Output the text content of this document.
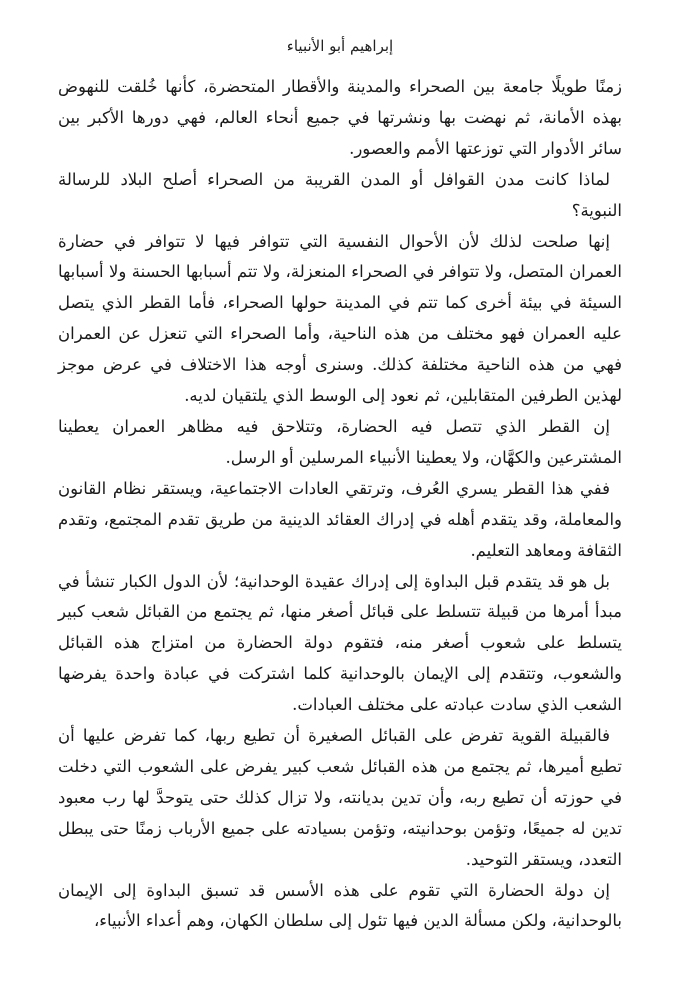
إبراهيم أبو الأنبياء

زمنًا طويلًا جامعة بين الصحراء والمدينة والأقطار المتحضرة، كأنها خُلقت للنهوض بهذه الأمانة، ثم نهضت بها ونشرتها في جميع أنحاء العالم، فهي دورها الأكبر بين سائر الأدوار التي توزعتها الأمم والعصور.

لماذا كانت مدن القوافل أو المدن القريبة من الصحراء أصلح البلاد للرسالة النبوية؟

إنها صلحت لذلك لأن الأحوال النفسية التي تتوافر فيها لا تتوافر في حضارة العمران المتصل، ولا تتوافر في الصحراء المنعزلة، ولا تتم أسبابها الحسنة ولا أسبابها السيئة في بيئة أخرى كما تتم في المدينة حولها الصحراء، فأما القطر الذي يتصل عليه العمران فهو مختلف من هذه الناحية، وأما الصحراء التي تنعزل عن العمران فهي من هذه الناحية مختلفة كذلك. وسنرى أوجه هذا الاختلاف في عرض موجز لهذين الطرفين المتقابلين، ثم نعود إلى الوسط الذي يلتقيان لديه.

إن القطر الذي تتصل فيه الحضارة، وتتلاحق فيه مظاهر العمران يعطينا المشترعين والكهَّان، ولا يعطينا الأنبياء المرسلين أو الرسل.

ففي هذا القطر يسري العُرف، وترتقي العادات الاجتماعية، ويستقر نظام القانون والمعاملة، وقد يتقدم أهله في إدراك العقائد الدينية من طريق تقدم المجتمع، وتقدم الثقافة ومعاهد التعليم.

بل هو قد يتقدم قبل البداوة إلى إدراك عقيدة الوحدانية؛ لأن الدول الكبار تنشأ في مبدأ أمرها من قبيلة تتسلط على قبائل أصغر منها، ثم يجتمع من القبائل شعب كبير يتسلط على شعوب أصغر منه، فتقوم دولة الحضارة من امتزاج هذه القبائل والشعوب، وتتقدم إلى الإيمان بالوحدانية كلما اشتركت في عبادة واحدة يفرضها الشعب الذي سادت عبادته على مختلف العبادات.

فالقبيلة القوية تفرض على القبائل الصغيرة أن تطيع ربها، كما تفرض عليها أن تطيع أميرها، ثم يجتمع من هذه القبائل شعب كبير يفرض على الشعوب التي دخلت في حوزته أن تطيع ربه، وأن تدين بديانته، ولا تزال كذلك حتى يتوحدَّ لها رب معبود تدين له جميعًا، وتؤمن بوحدانيته، وتؤمن بسيادته على جميع الأرباب زمنًا حتى يبطل التعدد، ويستقر التوحيد.

إن دولة الحضارة التي تقوم على هذه الأسس قد تسبق البداوة إلى الإيمان بالوحدانية، ولكن مسألة الدين فيها تئول إلى سلطان الكهان، وهم أعداء الأنبياء،
